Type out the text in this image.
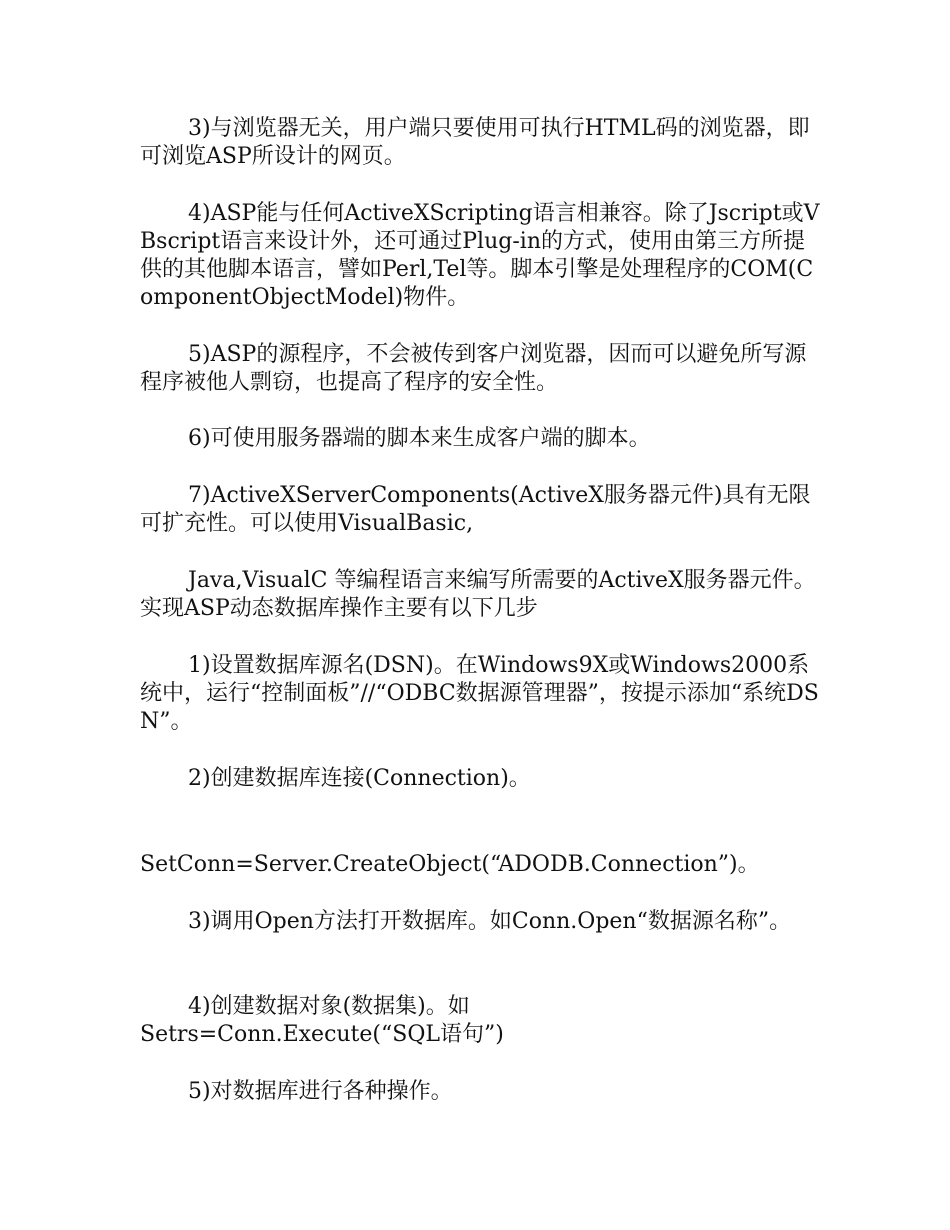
3)与浏览器无关，用户端只要使用可执行HTML码的浏览器，即可浏览ASP所设计的网页。

4)ASP能与任何ActiveXScripting语言相兼容。除了Jscript或VBscript语言来设计外，还可通过Plug-in的方式，使用由第三方所提供的其他脚本语言，譬如Perl,Tel等。脚本引擎是处理程序的COM(ComponentObjectModel)物件。

5)ASP的源程序，不会被传到客户浏览器，因而可以避免所写源程序被他人剽窃，也提高了程序的安全性。

6)可使用服务器端的脚本来生成客户端的脚本。

7)ActiveXServerComponents(ActiveX服务器元件)具有无限可扩充性。可以使用VisualBasic,

Java,VisualC 等编程语言来编写所需要的ActiveX服务器元件。实现ASP动态数据库操作主要有以下几步

1)设置数据库源名(DSN)。在Windows9X或Windows2000系统中，运行“控制面板”//“ODBC数据源管理器”，按提示添加“系统DSN”。

2)创建数据库连接(Connection)。

SetConn=Server.CreateObject(“ADODB.Connection”)。

3)调用Open方法打开数据库。如Conn.Open“数据源名称”。

4)创建数据对象(数据集)。如

Setrs=Conn.Execute(“SQL语句”)

5)对数据库进行各种操作。
